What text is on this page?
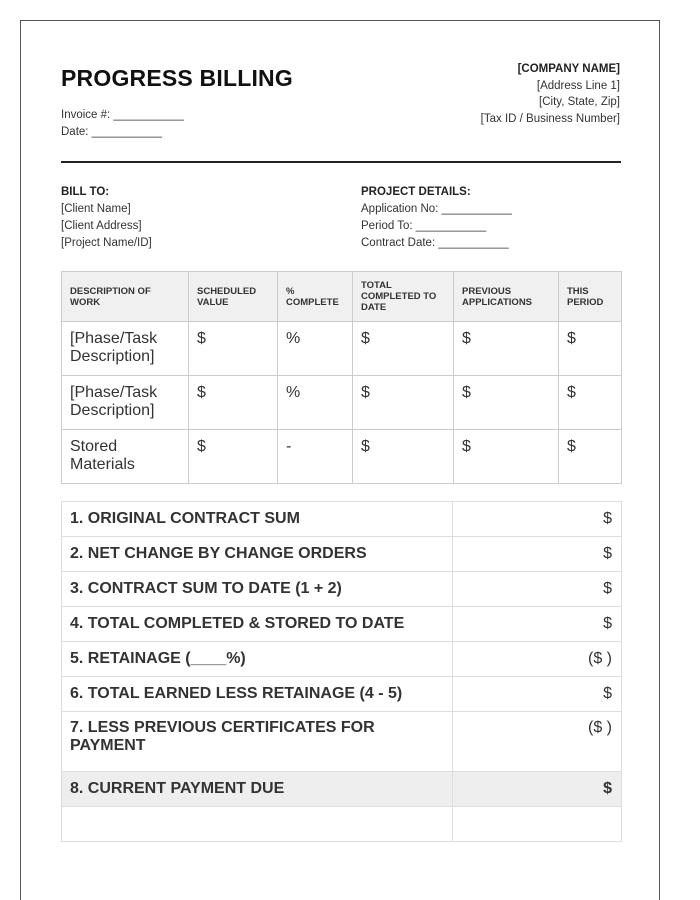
PROGRESS BILLING
Invoice #: ___________
Date: ___________
[COMPANY NAME]
[Address Line 1]
[City, State, Zip]
[Tax ID / Business Number]
BILL TO:
[Client Name]
[Client Address]
[Project Name/ID]
PROJECT DETAILS:
Application No: ___________
Period To: ___________
Contract Date: ___________
DESCRIPTION OF WORK	SCHEDULED VALUE	% COMPLETE	TOTAL COMPLETED TO DATE	PREVIOUS APPLICATIONS	THIS PERIOD
[Phase/Task Description]	$	%	$	$	$
[Phase/Task Description]	$	%	$	$	$
Stored Materials	$	-	$	$	$
1. ORIGINAL CONTRACT SUM	$
2. NET CHANGE BY CHANGE ORDERS	$
3. CONTRACT SUM TO DATE (1 + 2)	$
4. TOTAL COMPLETED & STORED TO DATE	$
5. RETAINAGE (____%)	($ )
6. TOTAL EARNED LESS RETAINAGE (4 - 5)	$
7. LESS PREVIOUS CERTIFICATES FOR PAYMENT	($ )
8. CURRENT PAYMENT DUE	$
